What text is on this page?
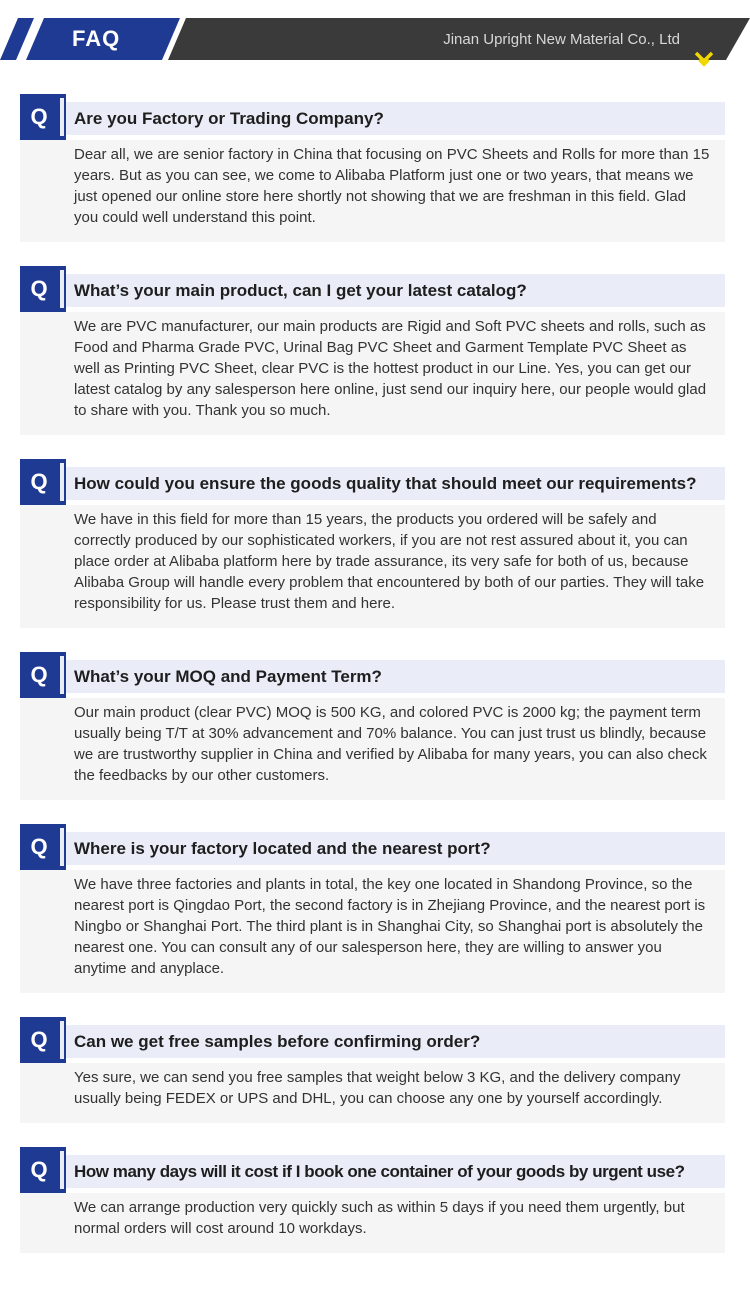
FAQ	Jinan Upright New Material Co., Ltd
Q	Are you Factory or Trading Company?
Dear all, we are senior factory in China that focusing on PVC Sheets and Rolls for more than 15 years. But as you can see, we come to Alibaba Platform just one or two years, that means we just opened our online store here shortly not showing that we are freshman in this field. Glad you could well understand this point.
Q	What’s your main product, can I get your latest catalog?
We are PVC manufacturer, our main products are Rigid and Soft PVC sheets and rolls, such as Food and Pharma Grade PVC, Urinal Bag PVC Sheet and Garment Template PVC Sheet as well as Printing PVC Sheet, clear PVC is the hottest product in our Line. Yes, you can get our latest catalog by any salesperson here online, just send our inquiry here, our people would glad to share with you. Thank you so much.
Q	How could you ensure the goods quality that should meet our requirements?
We have in this field for more than 15 years, the products you ordered will be safely and correctly produced by our sophisticated workers, if you are not rest assured about it, you can place order at Alibaba platform here by trade assurance, its very safe for both of us, because Alibaba Group will handle every problem that encountered by both of our parties. They will take responsibility for us. Please trust them and here.
Q	What’s your MOQ and Payment Term?
Our main product (clear PVC) MOQ is 500 KG, and colored PVC is 2000 kg; the payment term usually being T/T at 30% advancement and 70% balance. You can just trust us blindly, because we are trustworthy supplier in China and verified by Alibaba for many years, you can also check the feedbacks by our other customers.
Q	Where is your factory located and the nearest port?
We have three factories and plants in total, the key one located in Shandong Province, so the nearest port is Qingdao Port, the second factory is in Zhejiang Province, and the nearest port is Ningbo or Shanghai Port. The third plant is in Shanghai City, so Shanghai port is absolutely the nearest one. You can consult any of our salesperson here, they are willing to answer you anytime and anyplace.
Q	Can we get free samples before confirming order?
Yes sure, we can send you free samples that weight below 3 KG, and the delivery company usually being FEDEX or UPS and DHL, you can choose any one by yourself accordingly.
Q	How many days will it cost if I book one container of your goods by urgent use?
We can arrange production very quickly such as within 5 days if you need them urgently, but normal orders will cost around 10 workdays.
